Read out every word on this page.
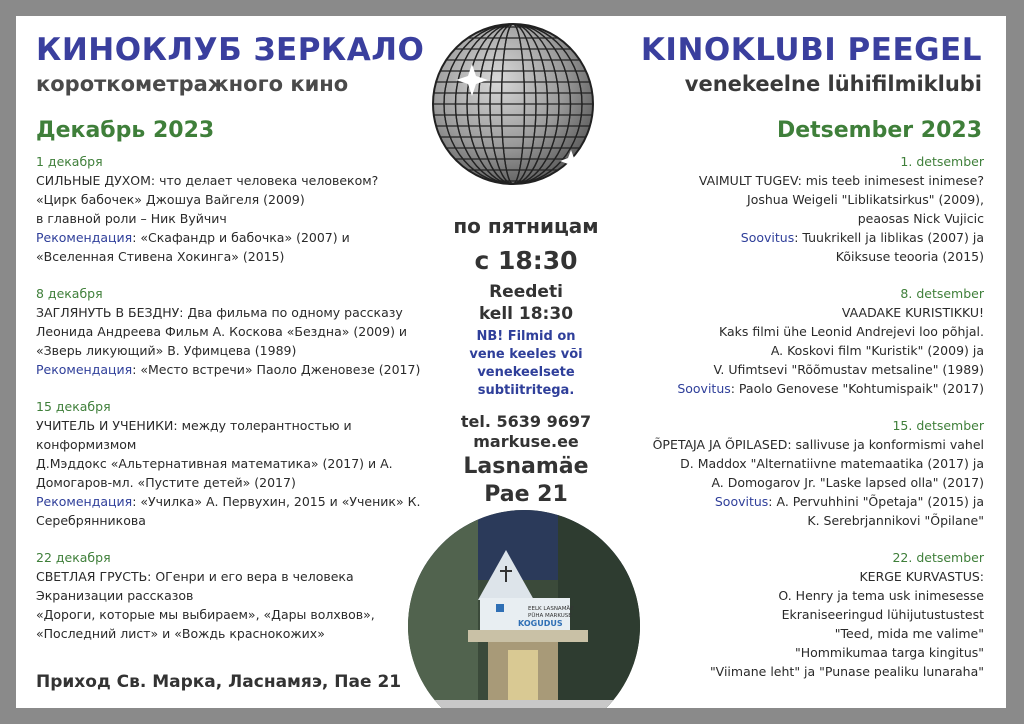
КИНОКЛУБ ЗЕРКАЛО	KINOKLUBI PEEGEL
короткометражного кино	venekeelne lühifilmiklubi
Декабрь 2023	Detsember 2023

1 декабря

СИЛЬНЫЕ ДУХОМ: что делает человека человеком?

«Цирк бабочек» Джошуа Вайгеля (2009)

в главной роли – Ник Вуйчич

Рекомендация: «Скафандр и бабочка» (2007) и

«Вселенная Стивена Хокинга» (2015)

8 декабря

ЗАГЛЯНУТЬ В БЕЗДНУ: Два фильма по одному рассказу

Леонида Андреева Фильм А. Коскова «Бездна» (2009) и

«Зверь ликующий» В. Уфимцева (1989)

Рекомендация: «Место встречи» Паоло Дженовезе (2017)

15 декабря

УЧИТЕЛЬ И УЧЕНИКИ: между толерантностью и

конформизмом

Д.Мэддокс «Альтернативная математика» (2017) и А.

Домогаров-мл. «Пустите детей» (2017)

Рекомендация: «Училка» А. Первухин, 2015 и «Ученик» К.

Серебрянникова

22 декабря

СВЕТЛАЯ ГРУСТЬ: ОГенри и его вера в человека

Экранизации рассказов

«Дороги, которые мы выбираем», «Дары волхвов»,

«Последний лист» и «Вождь краснокожих»

1. detsember

VAIMULT TUGEV: mis teeb inimesest inimese?

Joshua Weigeli "Liblikatsirkus" (2009),

peaosas Nick Vujicic

Soovitus: Tuukrikell ja liblikas (2007) ja

Kõiksuse teooria (2015)

8. detsember

VAADAKE KURISTIKKU!

Kaks filmi ühe Leonid Andrejevi loo põhjal.

A. Koskovi film "Kuristik" (2009) ja

V. Ufimtsevi "Rõõmustav metsaline" (1989)

Soovitus: Paolo Genovese "Kohtumispaik" (2017)

15. detsember

ÕPETAJA JA ÕPILASED: sallivuse ja konformismi vahel

D. Maddox "Alternatiivne matemaatika (2017) ja

A. Domogarov Jr. "Laske lapsed olla" (2017)

Soovitus: A. Pervuhhini "Õpetaja" (2015) ja

K. Serebrjannikovi "Õpilane"

22. detsember

KERGE KURVASTUS:

O. Henry ja tema usk inimesesse

Ekraniseeringud lühijutustustest

"Teed, mida me valime"

"Hommikumaa targa kingitus"

"Viimane leht" ja "Punase pealiku lunaraha"

по пятницам
с 18:30
Reedeti
kell 18:30
NB! Filmid on
vene keeles või
venekeelsete
subtiitritega.
tel. 5639 9697
markuse.ee
Lasnamäe
Pae 21
EELK LASNAMÄE
PÜHA MARKUSE
KOGUDUS
Приход Св. Марка, Ласнамяэ, Пае 21
